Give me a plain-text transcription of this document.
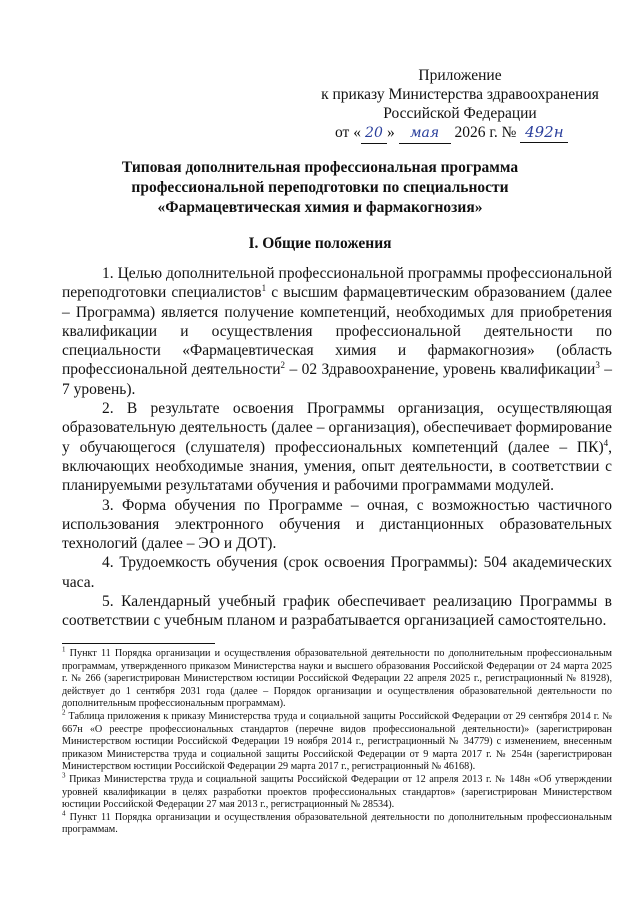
Приложение
к приказу Министерства здравоохранения
Российской Федерации
от « 20 » мая 2026 г. № 492н
Типовая дополнительная профессиональная программа
профессиональной переподготовки по специальности
«Фармацевтическая химия и фармакогнозия»
I. Общие положения

1. Целью дополнительной профессиональной программы профессиональной переподготовки специалистов$^1$ с высшим фармацевтическим образованием (далее – Программа) является получение компетенций, необходимых для приобретения квалификации и осуществления профессиональной деятельности по специальности «Фармацевтическая химия и фармакогнозия» (область профессиональной деятельности$^2$ – 02 Здравоохранение, уровень квалификации$^3$ – 7 уровень).

2. В результате освоения Программы организация, осуществляющая образовательную деятельность (далее – организация), обеспечивает формирование у обучающегося (слушателя) профессиональных компетенций (далее – ПК)$^4$, включающих необходимые знания, умения, опыт деятельности, в соответствии с планируемыми результатами обучения и рабочими программами модулей.

3. Форма обучения по Программе – очная, с возможностью частичного использования электронного обучения и дистанционных образовательных технологий (далее – ЭО и ДОТ).

4. Трудоемкость обучения (срок освоения Программы): 504 академических часа.

5. Календарный учебный график обеспечивает реализацию Программы в соответствии с учебным планом и разрабатывается организацией самостоятельно.

$^1$ Пункт 11 Порядка организации и осуществления образовательной деятельности по дополнительным профессиональным программам, утвержденного приказом Министерства науки и высшего образования Российской Федерации от 24 марта 2025 г. № 266 (зарегистрирован Министерством юстиции Российской Федерации 22 апреля 2025 г., регистрационный № 81928), действует до 1 сентября 2031 года (далее – Порядок организации и осуществления образовательной деятельности по дополнительным профессиональным программам).

$^2$ Таблица приложения к приказу Министерства труда и социальной защиты Российской Федерации от 29 сентября 2014 г. № 667н «О реестре профессиональных стандартов (перечне видов профессиональной деятельности)» (зарегистрирован Министерством юстиции Российской Федерации 19 ноября 2014 г., регистрационный № 34779) с изменением, внесенным приказом Министерства труда и социальной защиты Российской Федерации от 9 марта 2017 г. № 254н (зарегистрирован Министерством юстиции Российской Федерации 29 марта 2017 г., регистрационный № 46168).

$^3$ Приказ Министерства труда и социальной защиты Российской Федерации от 12 апреля 2013 г. № 148н «Об утверждении уровней квалификации в целях разработки проектов профессиональных стандартов» (зарегистрирован Министерством юстиции Российской Федерации 27 мая 2013 г., регистрационный № 28534).

$^4$ Пункт 11 Порядка организации и осуществления образовательной деятельности по дополнительным профессиональным программам.
